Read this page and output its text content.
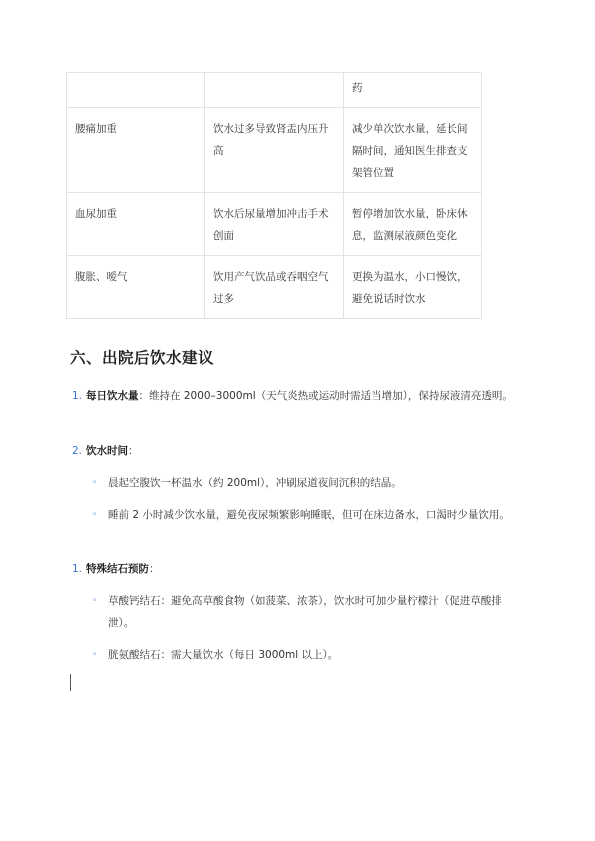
		药
腰痛加重	饮水过多导致肾盂内压升高	减少单次饮水量，延长间隔时间，通知医生排查支架管位置
血尿加重	饮水后尿量增加冲击手术创面	暂停增加饮水量，卧床休息，监测尿液颜色变化
腹胀、嗳气	饮用产气饮品或吞咽空气过多	更换为温水，小口慢饮，避免说话时饮水
六、出院后饮水建议
1. 每日饮水量：维持在 2000–3000ml（天气炎热或运动时需适当增加），保持尿液清亮透明。
2. 饮水时间：
◦	晨起空腹饮一杯温水（约 200ml），冲刷尿道夜间沉积的结晶。
◦	睡前 2 小时减少饮水量，避免夜尿频繁影响睡眠，但可在床边备水，口渴时少量饮用。
1. 特殊结石预防：
◦	草酸钙结石：避免高草酸食物（如菠菜、浓茶），饮水时可加少量柠檬汁（促进草酸排泄）。
◦	胱氨酸结石：需大量饮水（每日 3000ml 以上）。
